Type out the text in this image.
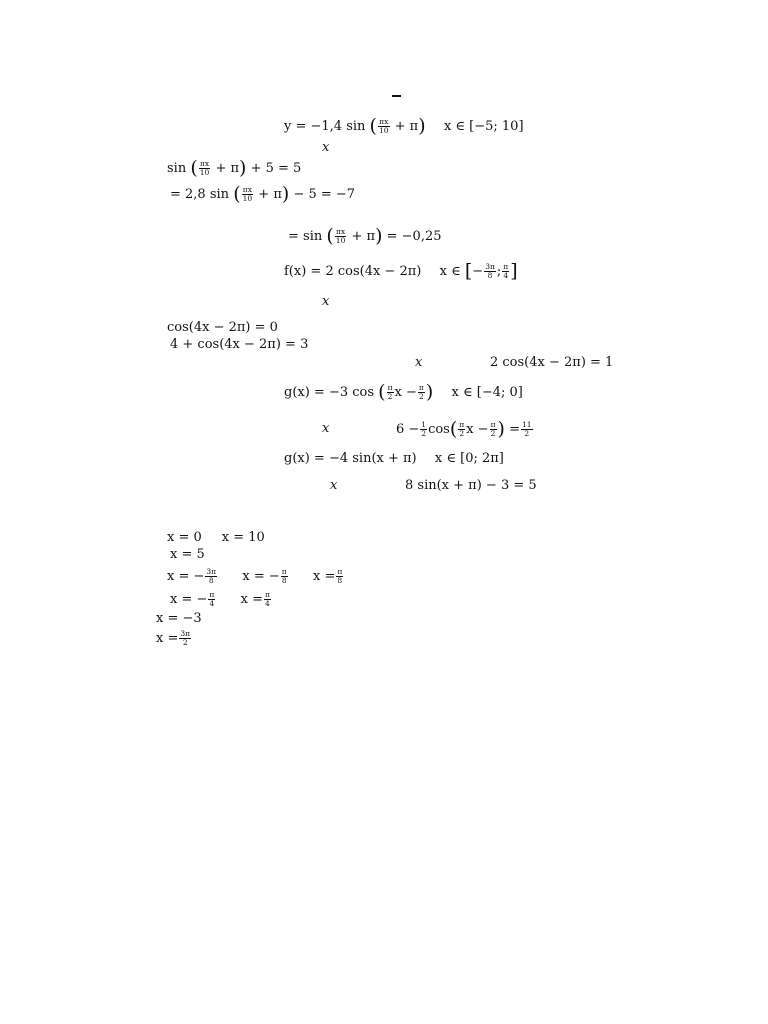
y = −1,4 sin ( $\frac{\pi x}{10} + \pi$) x ∈ [−5; 10]
x
sin ( $\frac{\pi x}{10} + \pi) + 5 = 5$
= 2,8 sin ( $\frac{\pi x}{10} + \pi) - 5 = -7$
= sin ( $\frac{\pi x}{10} + \pi) = -0,25$
f(x) = 2 cos(4x − 2π) x ∈ [− $\frac{3\pi}{8}$ ; $\frac{\pi}{4}$ ]
x
cos(4x − 2π) = 0
4 + cos(4x − 2π) = 3
x	2 cos(4x − 2π) = 1
g(x) = −3 cos ( $\frac{\pi}{2}$ $x - \frac{\pi}{2}$ ) x ∈ [−4; 0]
x	$6 - \frac{1}{2} \cos( \frac{\pi}{2}$ $x - \frac{\pi}{2}$ ) = $\frac{11}{2}$
g(x) = −4 sin(x + π) x ∈ [0; 2π]
x	8 sin(x + π) − 3 = 5
x = 0 x = 10
x = 5
x = − $\frac{3\pi}{8}$ x = − $\frac{\pi}{8}$ $x = \frac{\pi}{8}$
x = − $\frac{\pi}{4}$ $x = \frac{\pi}{4}$
x = −3
$x = \frac{3\pi}{2}$
